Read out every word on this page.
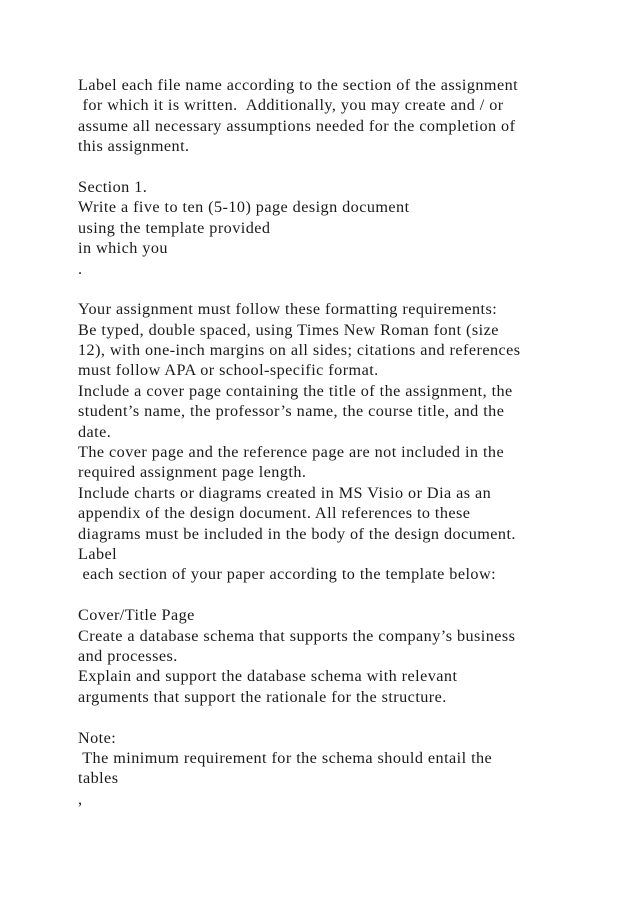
Label each file name according to the section of the assignment
for which it is written.  Additionally, you may create and / or
assume all necessary assumptions needed for the completion of
this assignment.
Section 1.
Write a five to ten (5-10) page design document
using the template provided
in which you
.
Your assignment must follow these formatting requirements:
Be typed, double spaced, using Times New Roman font (size
12), with one-inch margins on all sides; citations and references
must follow APA or school-specific format.
Include a cover page containing the title of the assignment, the
student’s name, the professor’s name, the course title, and the
date.
The cover page and the reference page are not included in the
required assignment page length.
Include charts or diagrams created in MS Visio or Dia as an
appendix of the design document. All references to these
diagrams must be included in the body of the design document.
Label
each section of your paper according to the template below:
Cover/Title Page
Create a database schema that supports the company’s business
and processes.
Explain and support the database schema with relevant
arguments that support the rationale for the structure.
Note:
The minimum requirement for the schema should entail the
tables
,
